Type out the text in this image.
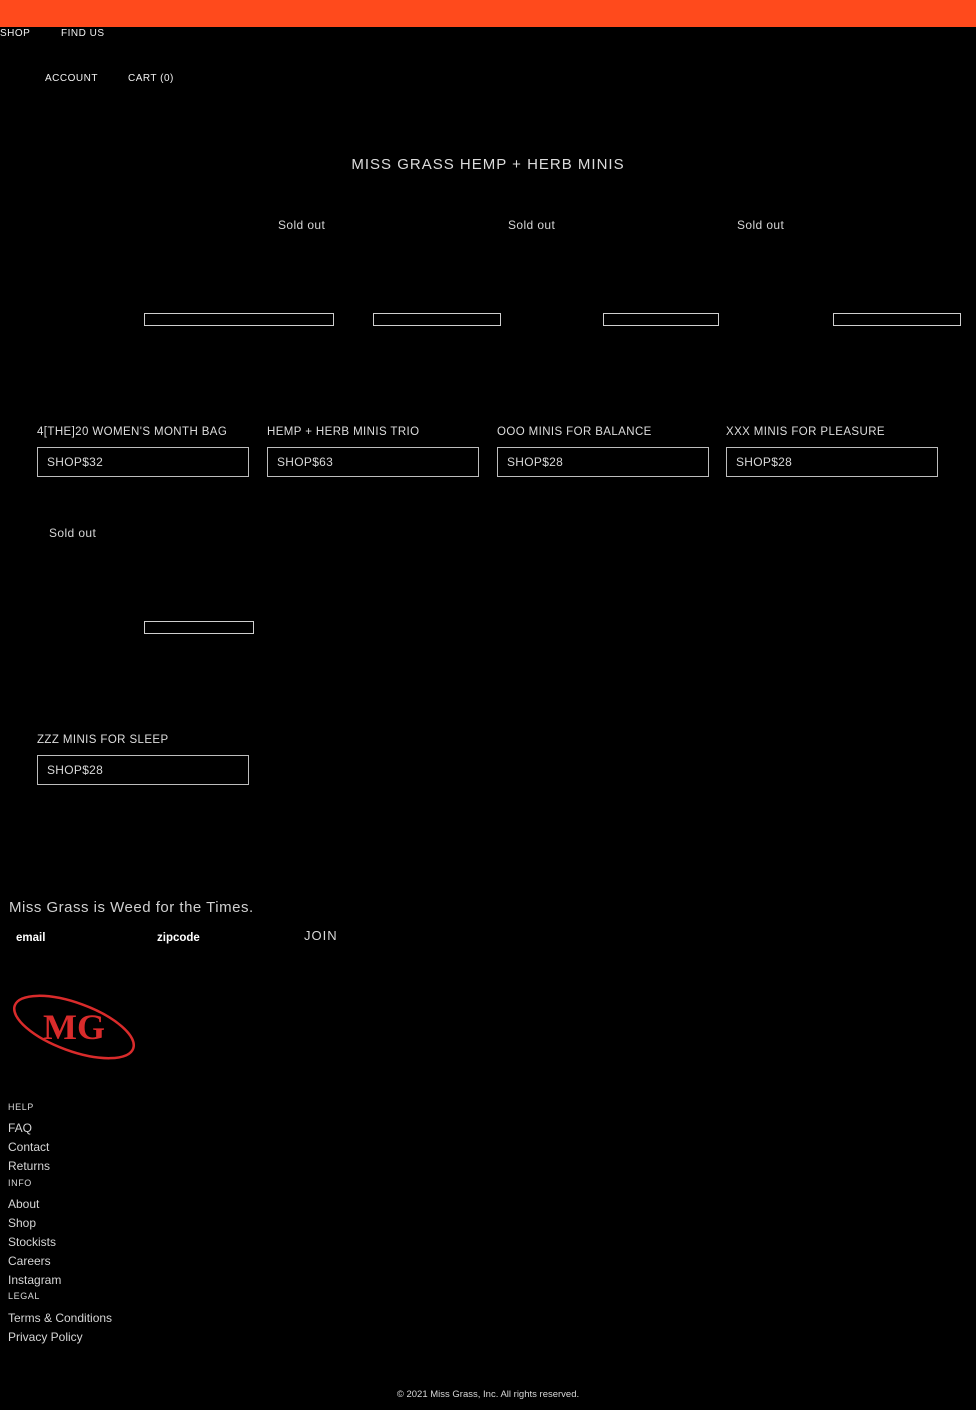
SHOP	FIND US
ACCOUNT	CART (0)
MISS GRASS HEMP + HERB MINIS
Sold out	Sold out	Sold out
4[THE]20 WOMEN'S MONTH BAG	HEMP + HERB MINIS TRIO	OOO MINIS FOR BALANCE	XXX MINIS FOR PLEASURE
SHOP$32	SHOP$63	SHOP$28	SHOP$28
Sold out
ZZZ MINIS FOR SLEEP
SHOP$28
Miss Grass is Weed for the Times.
email
zipcode
JOIN
MG
HELP
FAQ
Contact
Returns
INFO
About
Shop
Stockists
Careers
Instagram
LEGAL
Terms & Conditions
Privacy Policy
© 2021 Miss Grass, Inc. All rights reserved.
